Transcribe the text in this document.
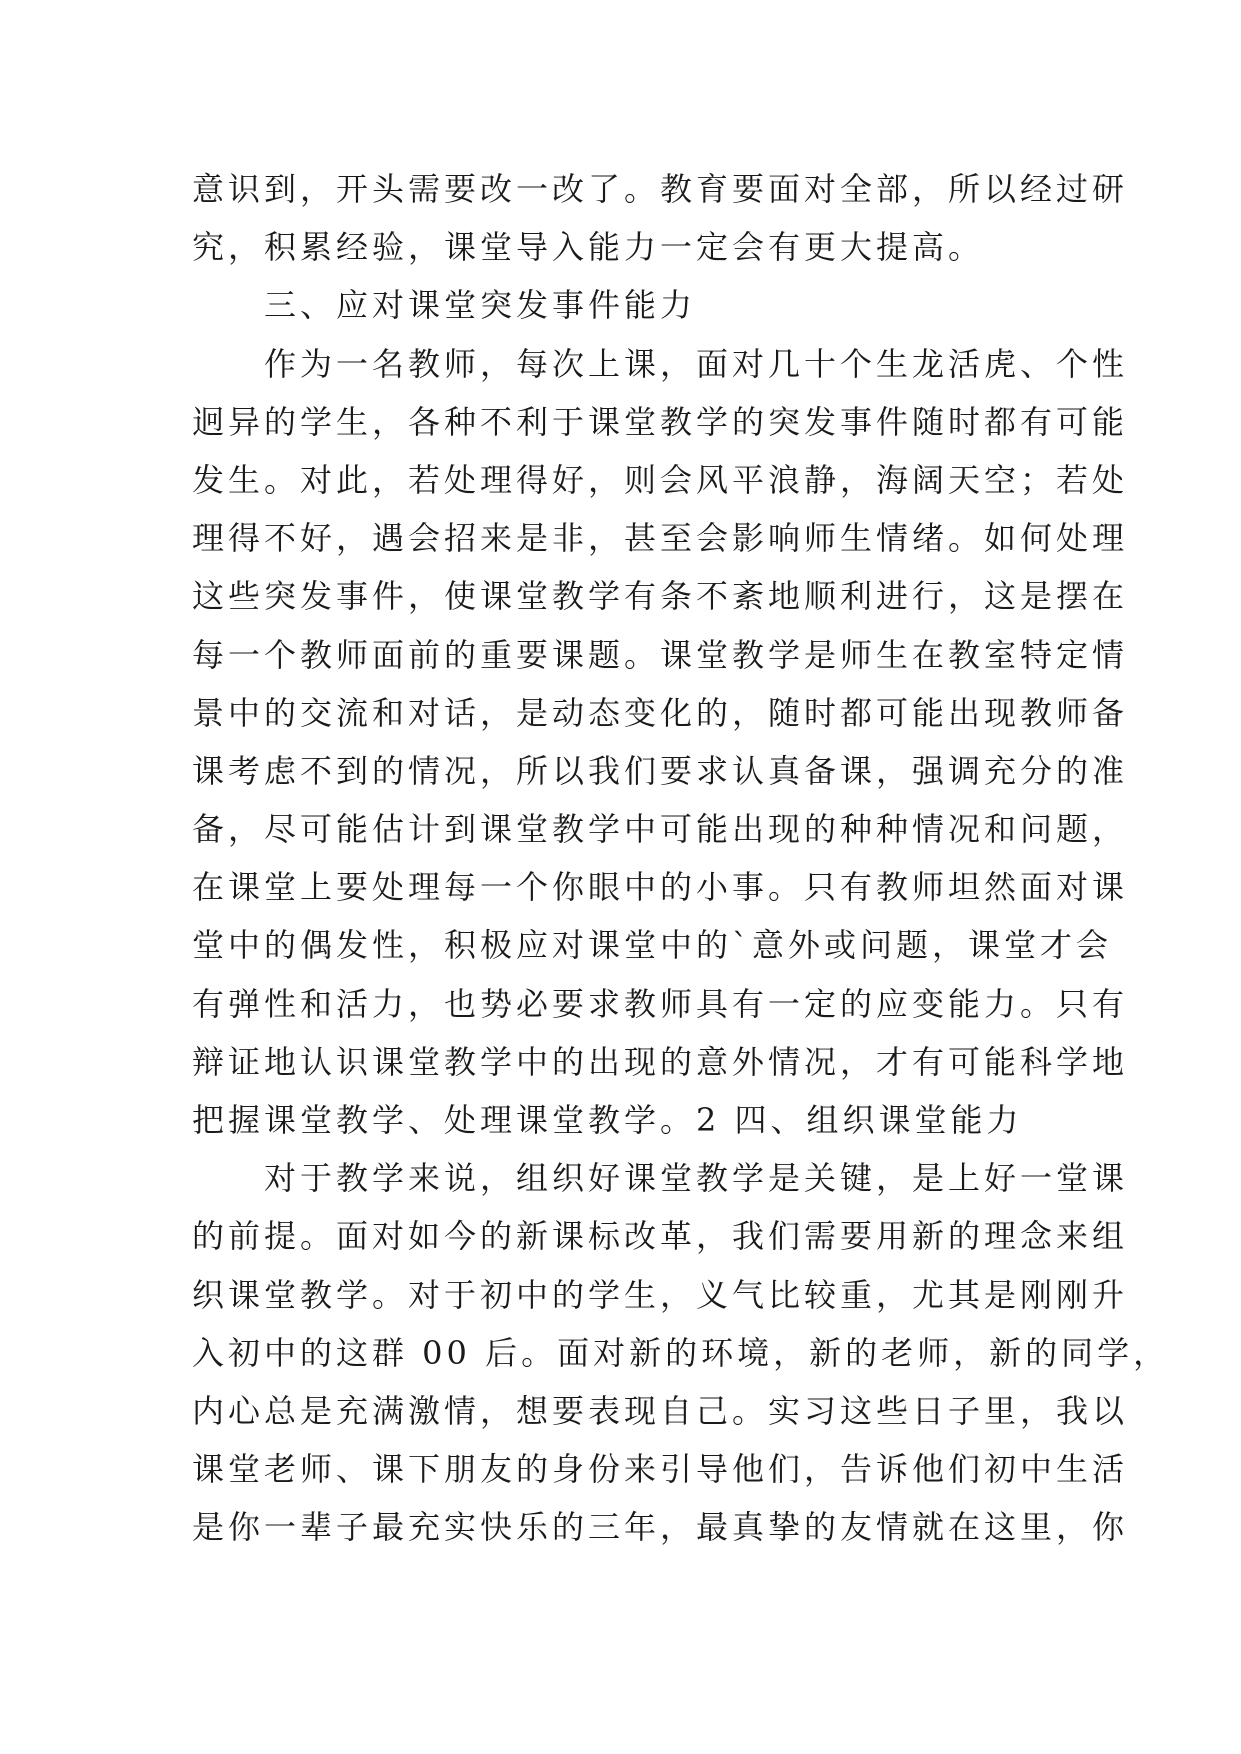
意识到，开头需要改一改了。教育要面对全部，所以经过研
究，积累经验，课堂导入能力一定会有更大提高。
　　三、应对课堂突发事件能力
　　作为一名教师，每次上课，面对几十个生龙活虎、个性
迥异的学生，各种不利于课堂教学的突发事件随时都有可能
发生。对此，若处理得好，则会风平浪静，海阔天空；若处
理得不好，遇会招来是非，甚至会影响师生情绪。如何处理
这些突发事件，使课堂教学有条不紊地顺利进行，这是摆在
每一个教师面前的重要课题。课堂教学是师生在教室特定情
景中的交流和对话，是动态变化的，随时都可能出现教师备
课考虑不到的情况，所以我们要求认真备课，强调充分的准
备，尽可能估计到课堂教学中可能出现的种种情况和问题，
在课堂上要处理每一个你眼中的小事。只有教师坦然面对课
堂中的偶发性，积极应对课堂中的`意外或问题，课堂才会
有弹性和活力，也势必要求教师具有一定的应变能力。只有
辩证地认识课堂教学中的出现的意外情况，才有可能科学地
把握课堂教学、处理课堂教学。2 四、组织课堂能力
　　对于教学来说，组织好课堂教学是关键，是上好一堂课
的前提。面对如今的新课标改革，我们需要用新的理念来组
织课堂教学。对于初中的学生，义气比较重，尤其是刚刚升
入初中的这群 00 后。面对新的环境，新的老师，新的同学，
内心总是充满激情，想要表现自己。实习这些日子里，我以
课堂老师、课下朋友的身份来引导他们，告诉他们初中生活
是你一辈子最充实快乐的三年，最真挚的友情就在这里，你
